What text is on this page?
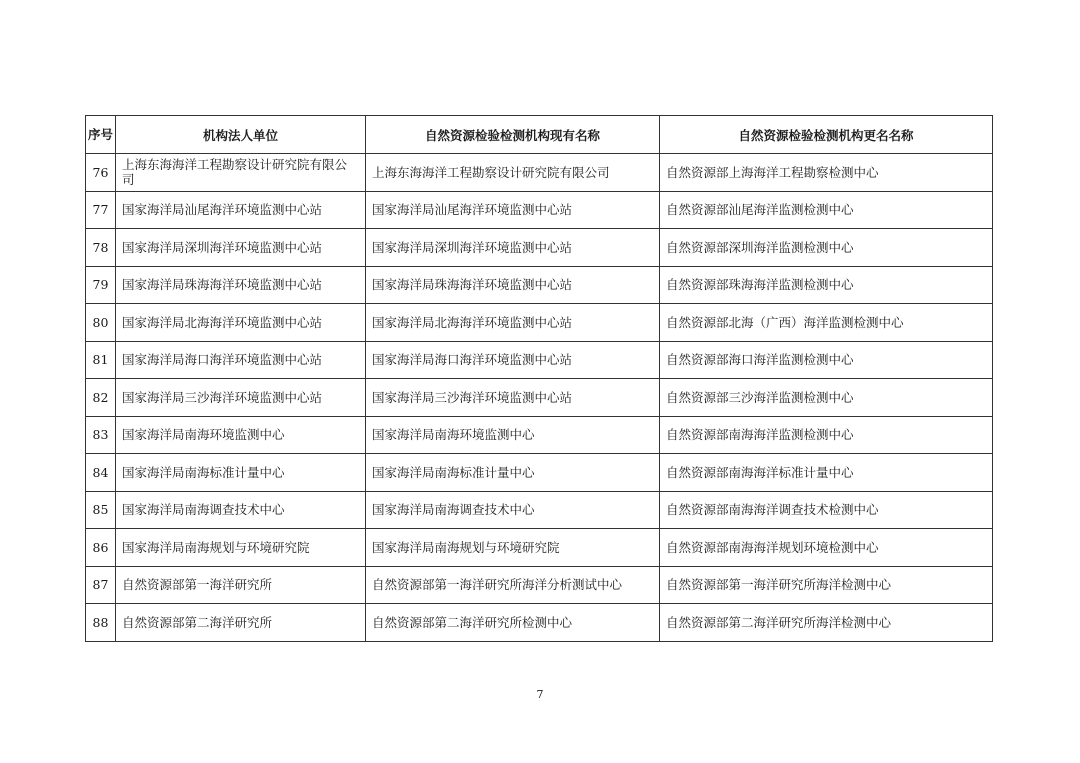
序号	机构法人单位	自然资源检验检测机构现有名称	自然资源检验检测机构更名名称
76	上海东海海洋工程勘察设计研究院有限公司	上海东海海洋工程勘察设计研究院有限公司	自然资源部上海海洋工程勘察检测中心
77	国家海洋局汕尾海洋环境监测中心站	国家海洋局汕尾海洋环境监测中心站	自然资源部汕尾海洋监测检测中心
78	国家海洋局深圳海洋环境监测中心站	国家海洋局深圳海洋环境监测中心站	自然资源部深圳海洋监测检测中心
79	国家海洋局珠海海洋环境监测中心站	国家海洋局珠海海洋环境监测中心站	自然资源部珠海海洋监测检测中心
80	国家海洋局北海海洋环境监测中心站	国家海洋局北海海洋环境监测中心站	自然资源部北海（广西）海洋监测检测中心
81	国家海洋局海口海洋环境监测中心站	国家海洋局海口海洋环境监测中心站	自然资源部海口海洋监测检测中心
82	国家海洋局三沙海洋环境监测中心站	国家海洋局三沙海洋环境监测中心站	自然资源部三沙海洋监测检测中心
83	国家海洋局南海环境监测中心	国家海洋局南海环境监测中心	自然资源部南海海洋监测检测中心
84	国家海洋局南海标准计量中心	国家海洋局南海标准计量中心	自然资源部南海海洋标准计量中心
85	国家海洋局南海调查技术中心	国家海洋局南海调查技术中心	自然资源部南海海洋调查技术检测中心
86	国家海洋局南海规划与环境研究院	国家海洋局南海规划与环境研究院	自然资源部南海海洋规划环境检测中心
87	自然资源部第一海洋研究所	自然资源部第一海洋研究所海洋分析测试中心	自然资源部第一海洋研究所海洋检测中心
88	自然资源部第二海洋研究所	自然资源部第二海洋研究所检测中心	自然资源部第二海洋研究所海洋检测中心
7
